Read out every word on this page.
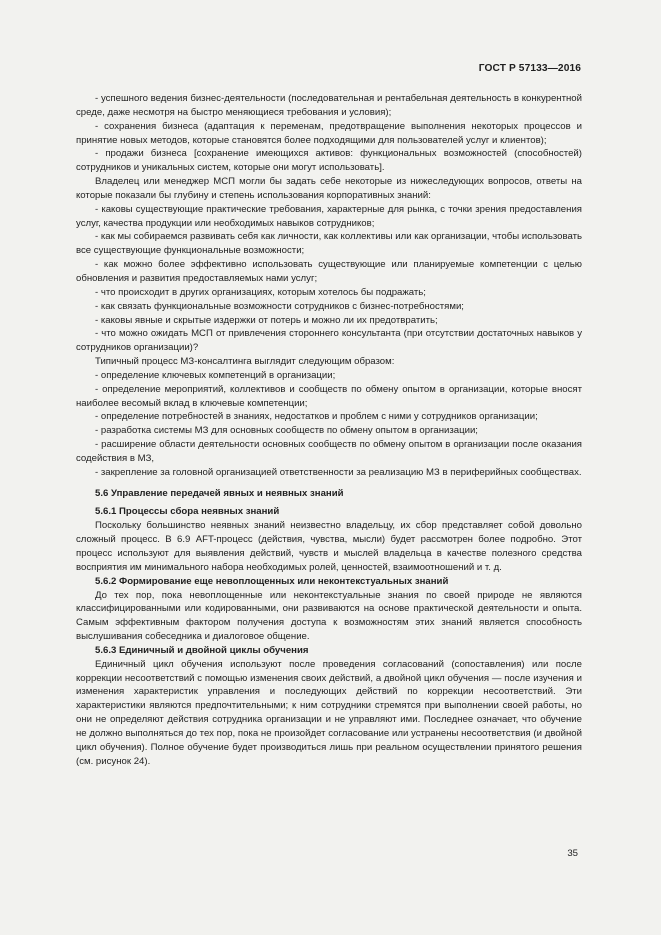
ГОСТ Р 57133—2016

- успешного ведения бизнес-деятельности (последовательная и рентабельная деятельность в конкурентной среде, даже несмотря на быстро меняющиеся требования и условия);

- сохранения бизнеса (адаптация к переменам, предотвращение выполнения некоторых процессов и принятие новых методов, которые становятся более подходящими для пользователей услуг и клиентов);

- продажи бизнеса [сохранение имеющихся активов: функциональных возможностей (способностей) сотрудников и уникальных систем, которые они могут использовать].

Владелец или менеджер МСП могли бы задать себе некоторые из нижеследующих вопросов, ответы на которые показали бы глубину и степень использования корпоративных знаний:

- каковы существующие практические требования, характерные для рынка, с точки зрения предоставления услуг, качества продукции или необходимых навыков сотрудников;

- как мы собираемся развивать себя как личности, как коллективы или как организации, чтобы использовать все существующие функциональные возможности;

- как можно более эффективно использовать существующие или планируемые компетенции с целью обновления и развития предоставляемых нами услуг;

- что происходит в других организациях, которым хотелось бы подражать;

- как связать функциональные возможности сотрудников с бизнес-потребностями;

- каковы явные и скрытые издержки от потерь и можно ли их предотвратить;

- что можно ожидать МСП от привлечения стороннего консультанта (при отсутствии достаточных навыков у сотрудников организации)?

Типичный процесс МЗ-консалтинга выглядит следующим образом:

- определение ключевых компетенций в организации;

- определение мероприятий, коллективов и сообществ по обмену опытом в организации, которые вносят наиболее весомый вклад в ключевые компетенции;

- определение потребностей в знаниях, недостатков и проблем с ними у сотрудников организации;

- разработка системы МЗ для основных сообществ по обмену опытом в организации;

- расширение области деятельности основных сообществ по обмену опытом в организации после оказания содействия в МЗ,

- закрепление за головной организацией ответственности за реализацию МЗ в периферийных сообществах.

5.6 Управление передачей явных и неявных знаний

5.6.1 Процессы сбора неявных знаний

Поскольку большинство неявных знаний неизвестно владельцу, их сбор представляет собой довольно сложный процесс. В 6.9 AFT-процесс (действия, чувства, мысли) будет рассмотрен более подробно. Этот процесс используют для выявления действий, чувств и мыслей владельца в качестве полезного средства восприятия им минимального набора необходимых ролей, ценностей, взаимоотношений и т. д.

5.6.2 Формирование еще невоплощенных или неконтекстуальных знаний

До тех пор, пока невоплощенные или неконтекстуальные знания по своей природе не являются классифицированными или кодированными, они развиваются на основе практической деятельности и опыта. Самым эффективным фактором получения доступа к возможностям этих знаний является способность выслушивания собеседника и диалоговое общение.

5.6.3 Единичный и двойной циклы обучения

Единичный цикл обучения используют после проведения согласований (сопоставления) или после коррекции несоответствий с помощью изменения своих действий, а двойной цикл обучения — после изучения и изменения характеристик управления и последующих действий по коррекции несоответствий. Эти характеристики являются предпочтительными; к ним сотрудники стремятся при выполнении своей работы, но они не определяют действия сотрудника организации и не управляют ими. Последнее означает, что обучение не должно выполняться до тех пор, пока не произойдет согласование или устранены несоответствия (и двойной цикл обучения). Полное обучение будет производиться лишь при реальном осуществлении принятого решения (см. рисунок 24).

35
